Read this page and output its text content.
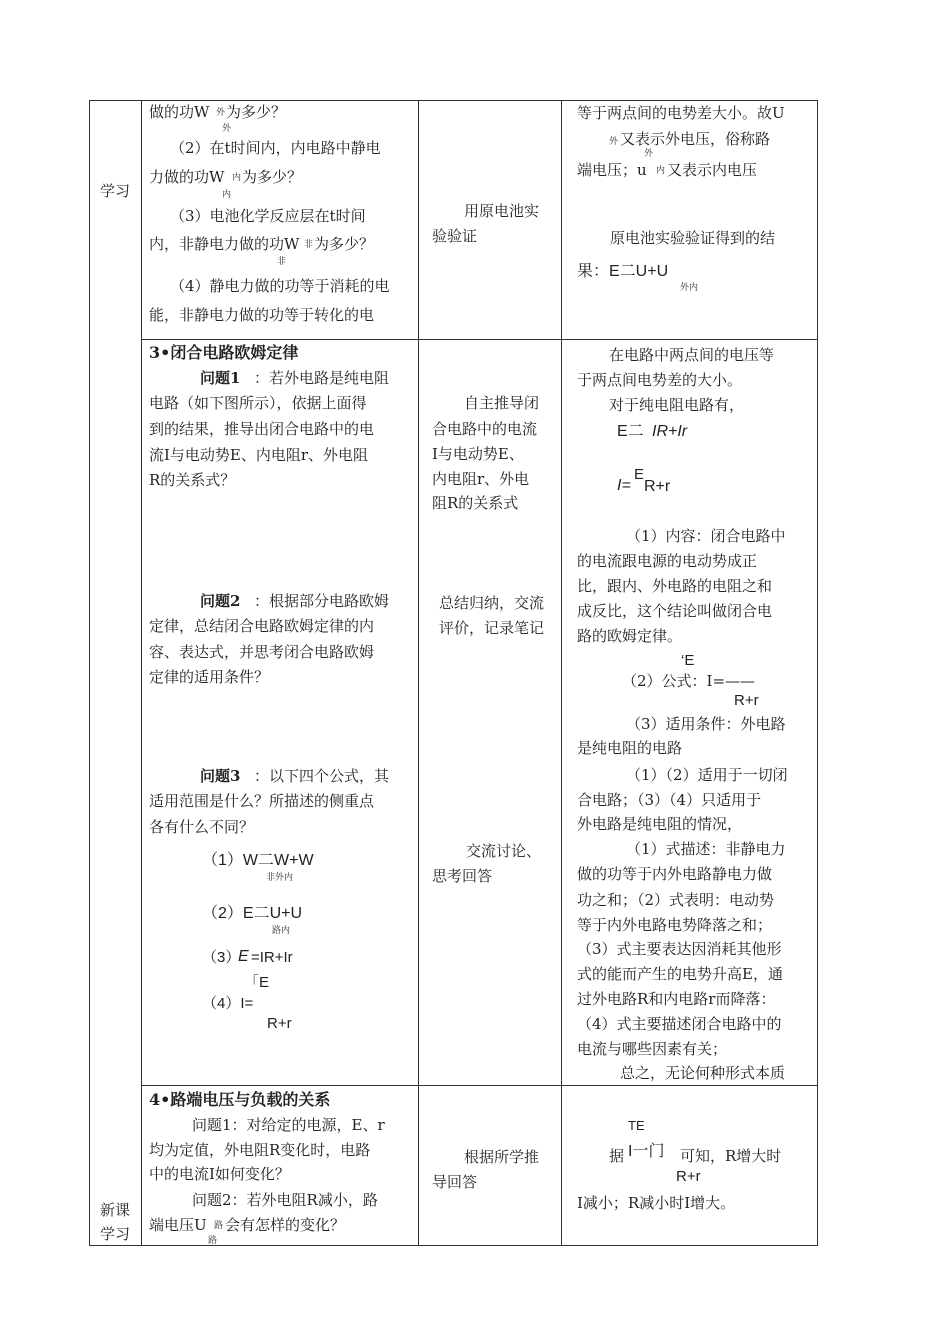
学习
做的功W 外 为多少？
外
（2）在t时间内，内电路中静电
力做的功W 内 为多少？
内
（3）电池化学反应层在t时间
内，非静电力做的功W 非 为多少？
非
（4）静电力做的功等于消耗的电
能，非静电力做的功等于转化的电
用原电池实
验验证
等于两点间的电势差大小。故U
外 又表示外电压，俗称路
外
端电压；u 内 又表示内电压
原电池实验验证得到的结
果：E二U+U
外内
3•闭合电路欧姆定律
问题1 ：若外电路是纯电阻
电路（如下图所示），依据上面得
到的结果，推导出闭合电路中的电
流I与电动势E、内电阻r、外电阻
R的关系式？
问题2 ：根据部分电路欧姆
定律，总结闭合电路欧姆定律的内
容、表达式，并思考闭合电路欧姆
定律的适用条件？
问题3 ：以下四个公式，其
适用范围是什么？所描述的侧重点
各有什么不同？
（1）W二W+W
非外内
（2）E二U+U
路内
（3）
E =IR+Ir
「E
（4）I=
R+r
自主推导闭
合电路中的电流
I与电动势E、
内电阻r、外电
阻R的关系式
总结归纳，交流
评价，记录笔记
交流讨论、
思考回答
在电路中两点间的电压等
于两点间电势差的大小。
对于纯电阻电路有，
E二 IR+Ir
E
I= R+r
（1）内容：闭合电路中
的电流跟电源的电动势成正
比，跟内、外电路的电阻之和
成反比，这个结论叫做闭合电
路的欧姆定律。
‘E
（2）公式：I=——
R+r
（3）适用条件：外电路
是纯电阻的电路
（1）（2）适用于一切闭
合电路；（3）（4）只适用于
外电路是纯电阻的情况，
（1）式描述：非静电力
做的功等于内外电路静电力做
功之和；（2）式表明：电动势
等于内外电路电势降落之和；
（3）式主要表达因消耗其他形
式的能而产生的电势升高E，通
过外电路R和内电路r而降落：
（4）式主要描述闭合电路中的
电流与哪些因素有关；
总之，无论何种形式本质
新课
学习
4•路端电压与负载的关系
问题1：对给定的电源，E、r
均为定值，外电阻R变化时，电路
中的电流I如何变化？
问题2：若外电阻R减小，路
端电压U 路 会有怎样的变化？
路
根据所学推
导回答
TE
据 I一门 可知，R增大时
R+r
I减小；R减小时I增大。
